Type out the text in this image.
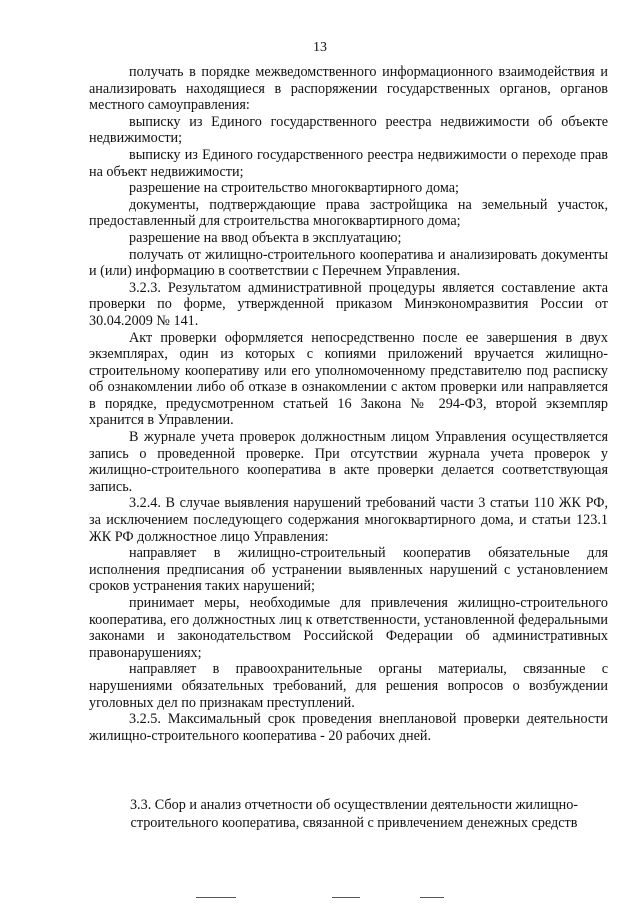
13

получать в порядке межведомственного информационного взаимодействия и анализировать находящиеся в распоряжении государственных органов, органов местного самоуправления:

выписку из Единого государственного реестра недвижимости об объекте недвижимости;

выписку из Единого государственного реестра недвижимости о переходе прав на объект недвижимости;

разрешение на строительство многоквартирного дома;

документы, подтверждающие права застройщика на земельный участок, предоставленный для строительства многоквартирного дома;

разрешение на ввод объекта в эксплуатацию;

получать от жилищно-строительного кооператива и анализировать документы и (или) информацию в соответствии с Перечнем Управления.

3.2.3. Результатом административной процедуры является составление акта проверки по форме, утвержденной приказом Минэкономразвития России от 30.04.2009 № 141.

Акт проверки оформляется непосредственно после ее завершения в двух экземплярах, один из которых с копиями приложений вручается жилищно-строительному кооперативу или его уполномоченному представителю под расписку об ознакомлении либо об отказе в ознакомлении с актом проверки или направляется в порядке, предусмотренном статьей 16 Закона № 294-ФЗ, второй экземпляр хранится в Управлении.

В журнале учета проверок должностным лицом Управления осуществляется запись о проведенной проверке. При отсутствии журнала учета проверок у жилищно-строительного кооператива в акте проверки делается соответствующая запись.

3.2.4. В случае выявления нарушений требований части 3 статьи 110 ЖК РФ, за исключением последующего содержания многоквартирного дома, и статьи 123.1 ЖК РФ должностное лицо Управления:

направляет в жилищно-строительный кооператив обязательные для исполнения предписания об устранении выявленных нарушений с установлением сроков устранения таких нарушений;

принимает меры, необходимые для привлечения жилищно-строительного кооператива, его должностных лиц к ответственности, установленной федеральными законами и законодательством Российской Федерации об административных правонарушениях;

направляет в правоохранительные органы материалы, связанные с нарушениями обязательных требований, для решения вопросов о возбуждении уголовных дел по признакам преступлений.

3.2.5. Максимальный срок проведения внеплановой проверки деятельности жилищно-строительного кооператива - 20 рабочих дней.

3.3. Сбор и анализ отчетности об осуществлении деятельности жилищно-строительного кооператива, связанной с привлечением денежных средств
